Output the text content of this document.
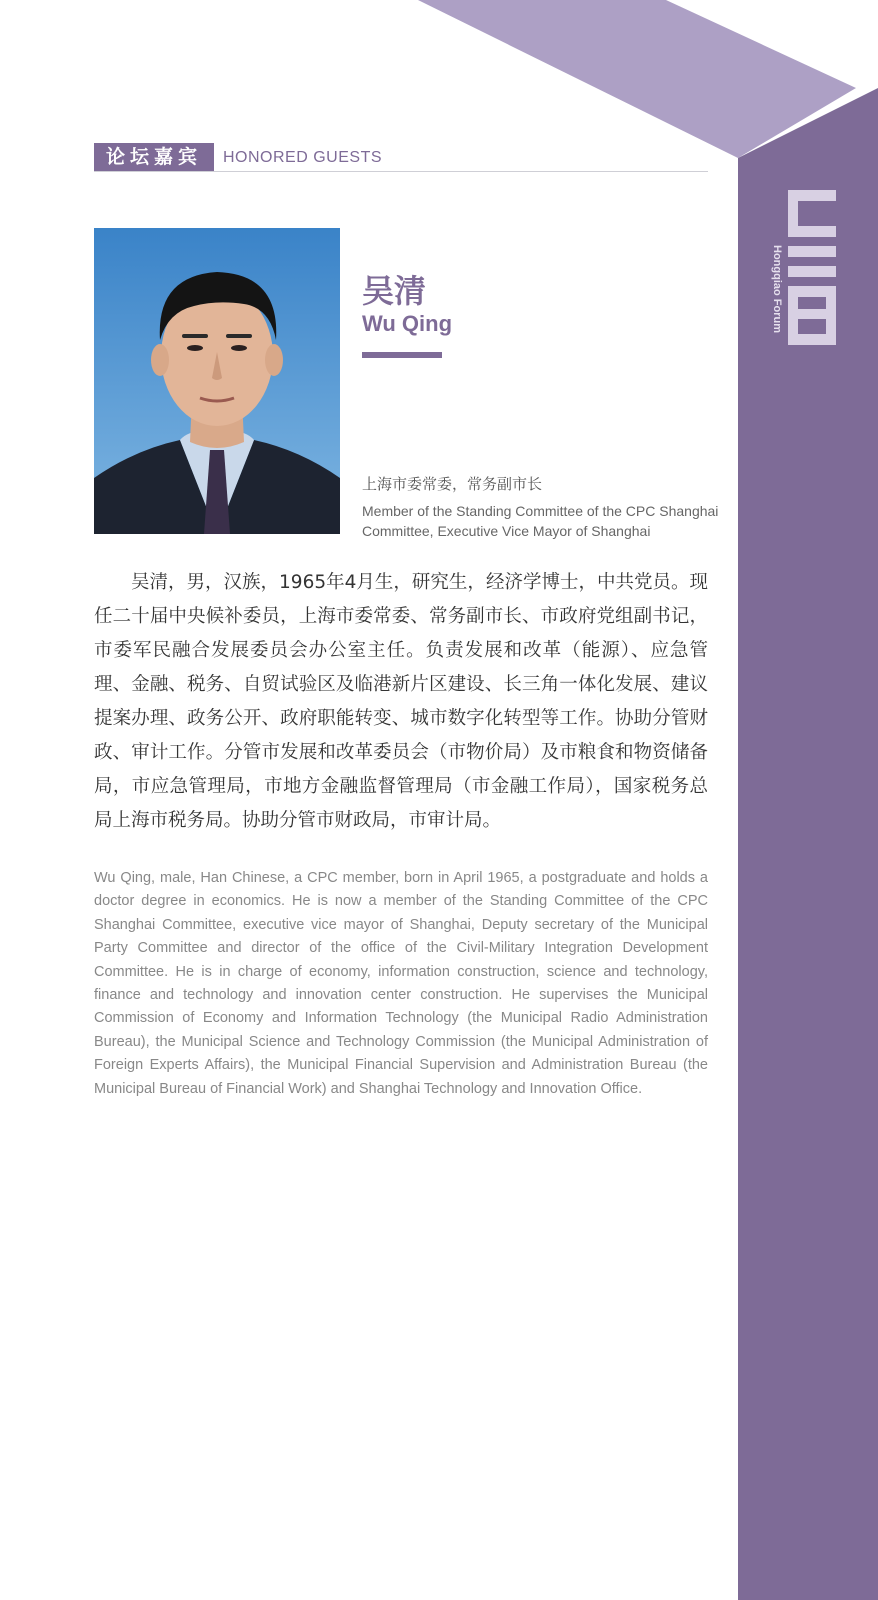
Hongqiao Forum
论坛嘉宾	HONORED GUESTS
吴清
Wu Qing
上海市委常委，常务副市长
Member of the Standing Committee of the CPC Shanghai Committee, Executive Vice Mayor of Shanghai

吴清，男，汉族，1965年4月生，研究生，经济学博士，中共党员。现任二十届中央候补委员，上海市委常委、常务副市长、市政府党组副书记，市委军民融合发展委员会办公室主任。负责发展和改革（能源）、应急管理、金融、税务、自贸试验区及临港新片区建设、长三角一体化发展、建议提案办理、政务公开、政府职能转变、城市数字化转型等工作。协助分管财政、审计工作。分管市发展和改革委员会（市物价局）及市粮食和物资储备局，市应急管理局，市地方金融监督管理局（市金融工作局），国家税务总局上海市税务局。协助分管市财政局，市审计局。

Wu Qing, male, Han Chinese, a CPC member, born in April 1965, a postgraduate and holds a doctor degree in economics. He is now a member of the Standing Committee of the CPC Shanghai Committee, executive vice mayor of Shanghai, Deputy secretary of the Municipal Party Committee and director of the office of the Civil-Military Integration Development Committee. He is in charge of economy, information construction, science and technology, finance and technology and innovation center construction. He supervises the Municipal Commission of Economy and Information Technology (the Municipal Radio Administration Bureau), the Municipal Science and Technology Commission (the Municipal Administration of Foreign Experts Affairs), the Municipal Financial Supervision and Administration Bureau (the Municipal Bureau of Financial Work) and Shanghai Technology and Innovation Office.
